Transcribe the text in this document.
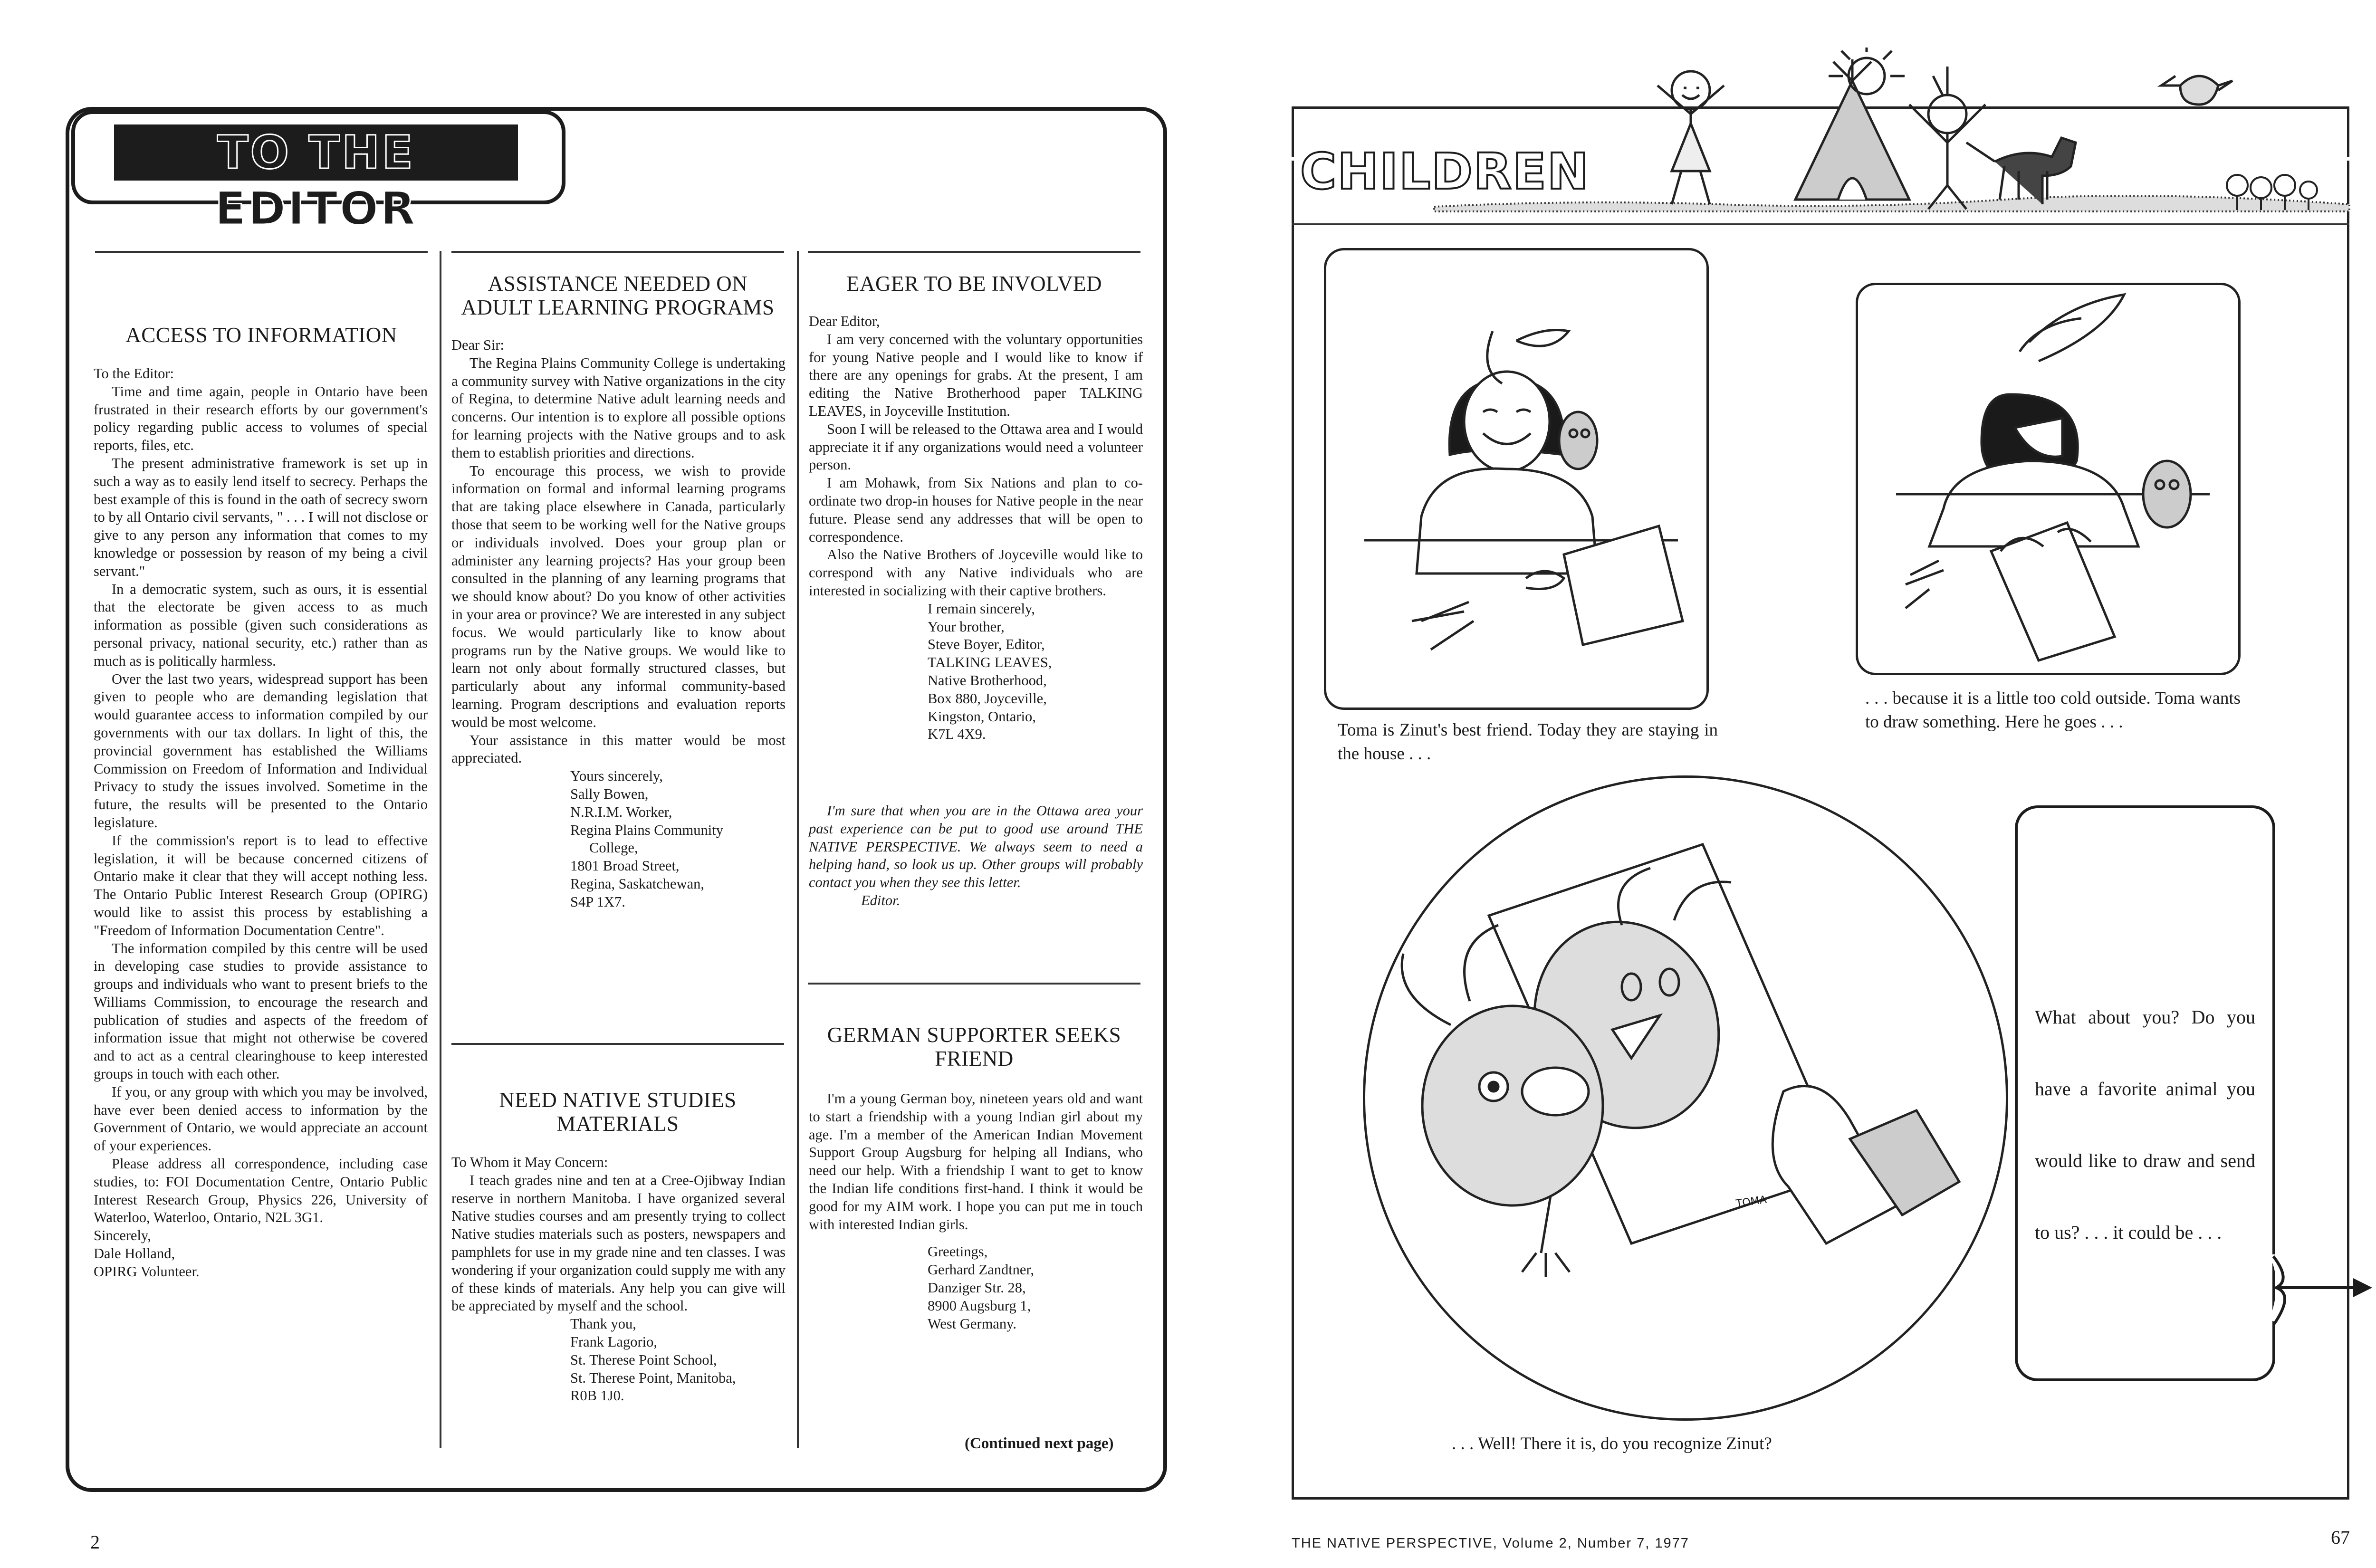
TO THE EDITOR
ACCESS TO INFORMATION

To the Editor:

Time and time again, people in Ontario have been frustrated in their research efforts by our government's policy regarding public access to volumes of special reports, files, etc.

The present administrative framework is set up in such a way as to easily lend itself to secrecy. Perhaps the best example of this is found in the oath of secrecy sworn to by all Ontario civil servants, " . . . I will not disclose or give to any person any information that comes to my knowledge or possession by reason of my being a civil servant."

In a democratic system, such as ours, it is essential that the electorate be given access to as much information as possible (given such considerations as personal privacy, national security, etc.) rather than as much as is politically harmless.

Over the last two years, widespread support has been given to people who are demanding legislation that would guarantee access to information compiled by our governments with our tax dollars. In light of this, the provincial government has established the Williams Commission on Freedom of Information and Individual Privacy to study the issues involved. Sometime in the future, the results will be presented to the Ontario legislature.

If the commission's report is to lead to effective legislation, it will be because concerned citizens of Ontario make it clear that they will accept nothing less. The Ontario Public Interest Research Group (OPIRG) would like to assist this process by establishing a "Freedom of Information Documentation Centre".

The information compiled by this centre will be used in developing case studies to provide assistance to groups and individuals who want to present briefs to the Williams Commission, to encourage the research and publication of studies and aspects of the freedom of information issue that might not otherwise be covered and to act as a central clearinghouse to keep interested groups in touch with each other.

If you, or any group with which you may be involved, have ever been denied access to information by the Government of Ontario, we would appreciate an account of your experiences.

Please address all correspondence, including case studies, to: FOI Documentation Centre, Ontario Public Interest Research Group, Physics 226, University of Waterloo, Waterloo, Ontario, N2L 3G1.

Sincerely,

Dale Holland,

OPIRG Volunteer.

ASSISTANCE NEEDED ON ADULT LEARNING PROGRAMS

Dear Sir:

The Regina Plains Community College is undertaking a community survey with Native organizations in the city of Regina, to determine Native adult learning needs and concerns. Our intention is to explore all possible options for learning projects with the Native groups and to ask them to establish priorities and directions.

To encourage this process, we wish to provide information on formal and informal learning programs that are taking place elsewhere in Canada, particularly those that seem to be working well for the Native groups or individuals involved. Does your group plan or administer any learning projects? Has your group been consulted in the planning of any learning programs that we should know about? Do you know of other activities in your area or province? We are interested in any subject focus. We would particularly like to know about programs run by the Native groups. We would like to learn not only about formally structured classes, but particularly about any informal community-based learning. Program descriptions and evaluation reports would be most welcome.

Your assistance in this matter would be most appreciated.

Yours sincerely,

Sally Bowen,

N.R.I.M. Worker,

Regina Plains Community

College,

1801 Broad Street,

Regina, Saskatchewan,

S4P 1X7.

NEED NATIVE STUDIES MATERIALS

To Whom it May Concern:

I teach grades nine and ten at a Cree-Ojibway Indian reserve in northern Manitoba. I have organized several Native studies courses and am presently trying to collect Native studies materials such as posters, newspapers and pamphlets for use in my grade nine and ten classes. I was wondering if your organization could supply me with any of these kinds of materials. Any help you can give will be appreciated by myself and the school.

Thank you,

Frank Lagorio,

St. Therese Point School,

St. Therese Point, Manitoba,

R0B 1J0.

EAGER TO BE INVOLVED

Dear Editor,

I am very concerned with the voluntary opportunities for young Native people and I would like to know if there are any openings for grabs. At the present, I am editing the Native Brotherhood paper TALKING LEAVES, in Joyceville Institution.

Soon I will be released to the Ottawa area and I would appreciate it if any organizations would need a volunteer person.

I am Mohawk, from Six Nations and plan to co-ordinate two drop-in houses for Native people in the near future. Please send any addresses that will be open to correspondence.

Also the Native Brothers of Joyceville would like to correspond with any Native individuals who are interested in socializing with their captive brothers.

I remain sincerely,

Your brother,

Steve Boyer, Editor,

TALKING LEAVES,

Native Brotherhood,

Box 880, Joyceville,

Kingston, Ontario,

K7L 4X9.

I'm sure that when you are in the Ottawa area your past experience can be put to good use around THE NATIVE PERSPECTIVE. We always seem to need a helping hand, so look us up. Other groups will probably contact you when they see this letter.

Editor.

GERMAN SUPPORTER SEEKS FRIEND

I'm a young German boy, nineteen years old and want to start a friendship with a young Indian girl about my age. I'm a member of the American Indian Movement Support Group Augsburg for helping all Indians, who need our help. With a friendship I want to get to know the Indian life conditions first-hand. I think it would be good for my AIM work. I hope you can put me in touch with interested Indian girls.

Greetings,

Gerhard Zandtner,

Danziger Str. 28,

8900 Augsburg 1,

West Germany.

(Continued next page)
2
CHILDREN
Toma is Zinut's best friend. Today they are staying in the house . . .
. . . because it is a little too cold outside. Toma wants to draw something. Here he goes . . .
TOMA
. . . Well! There it is, do you recognize Zinut?
What about you? Do you have a favorite animal you would like to draw and send to us? . . . it could be . . .
THE NATIVE PERSPECTIVE, Volume 2, Number 7, 1977	67
